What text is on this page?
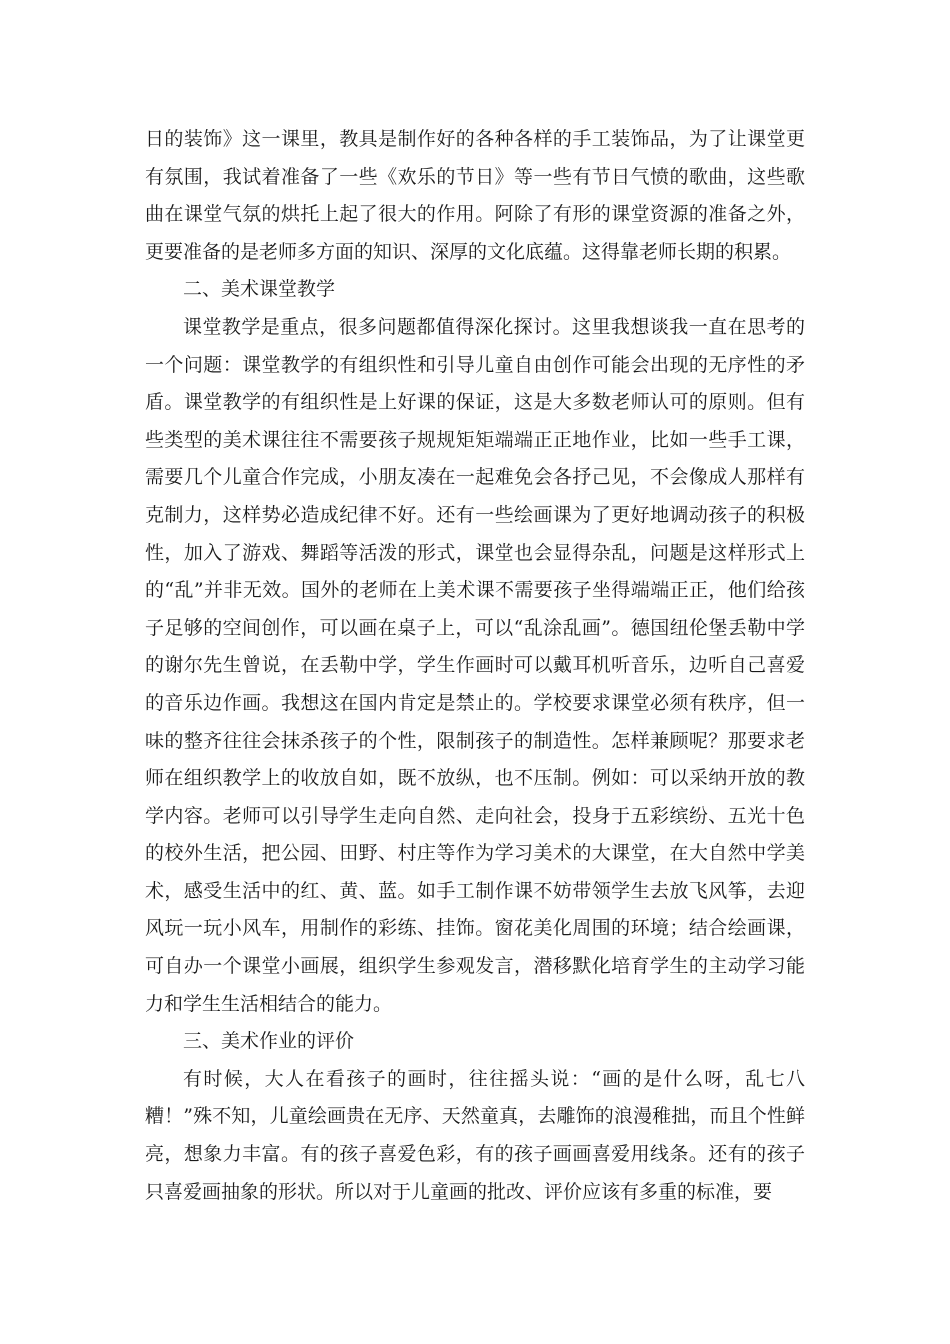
日的装饰》这一课里，教具是制作好的各种各样的手工装饰品，为了让课堂更有氛围，我试着准备了一些《欢乐的节日》等一些有节日气愤的歌曲，这些歌曲在课堂气氛的烘托上起了很大的作用。阿除了有形的课堂资源的准备之外，更要准备的是老师多方面的知识、深厚的文化底蕴。这得靠老师长期的积累。

二、美术课堂教学

课堂教学是重点，很多问题都值得深化探讨。这里我想谈我一直在思考的一个问题：课堂教学的有组织性和引导儿童自由创作可能会出现的无序性的矛盾。课堂教学的有组织性是上好课的保证，这是大多数老师认可的原则。但有些类型的美术课往往不需要孩子规规矩矩端端正正地作业，比如一些手工课，需要几个儿童合作完成，小朋友凑在一起难免会各抒己见，不会像成人那样有克制力，这样势必造成纪律不好。还有一些绘画课为了更好地调动孩子的积极性，加入了游戏、舞蹈等活泼的形式，课堂也会显得杂乱，问题是这样形式上的“乱”并非无效。国外的老师在上美术课不需要孩子坐得端端正正，他们给孩子足够的空间创作，可以画在桌子上，可以“乱涂乱画”。德国纽伦堡丢勒中学的谢尔先生曾说，在丢勒中学，学生作画时可以戴耳机听音乐，边听自己喜爱的音乐边作画。我想这在国内肯定是禁止的。学校要求课堂必须有秩序，但一味的整齐往往会抹杀孩子的个性，限制孩子的制造性。怎样兼顾呢？那要求老师在组织教学上的收放自如，既不放纵，也不压制。例如：可以采纳开放的教学内容。老师可以引导学生走向自然、走向社会，投身于五彩缤纷、五光十色的校外生活，把公园、田野、村庄等作为学习美术的大课堂，在大自然中学美术，感受生活中的红、黄、蓝。如手工制作课不妨带领学生去放飞风筝，去迎风玩一玩小风车，用制作的彩练、挂饰。窗花美化周围的环境；结合绘画课，可自办一个课堂小画展，组织学生参观发言，潜移默化培育学生的主动学习能力和学生生活相结合的能力。

三、美术作业的评价

有时候，大人在看孩子的画时，往往摇头说：“画的是什么呀，乱七八糟！”殊不知，儿童绘画贵在无序、天然童真，去雕饰的浪漫稚拙，而且个性鲜亮，想象力丰富。有的孩子喜爱色彩，有的孩子画画喜爱用线条。还有的孩子只喜爱画抽象的形状。所以对于儿童画的批改、评价应该有多重的标准，要
